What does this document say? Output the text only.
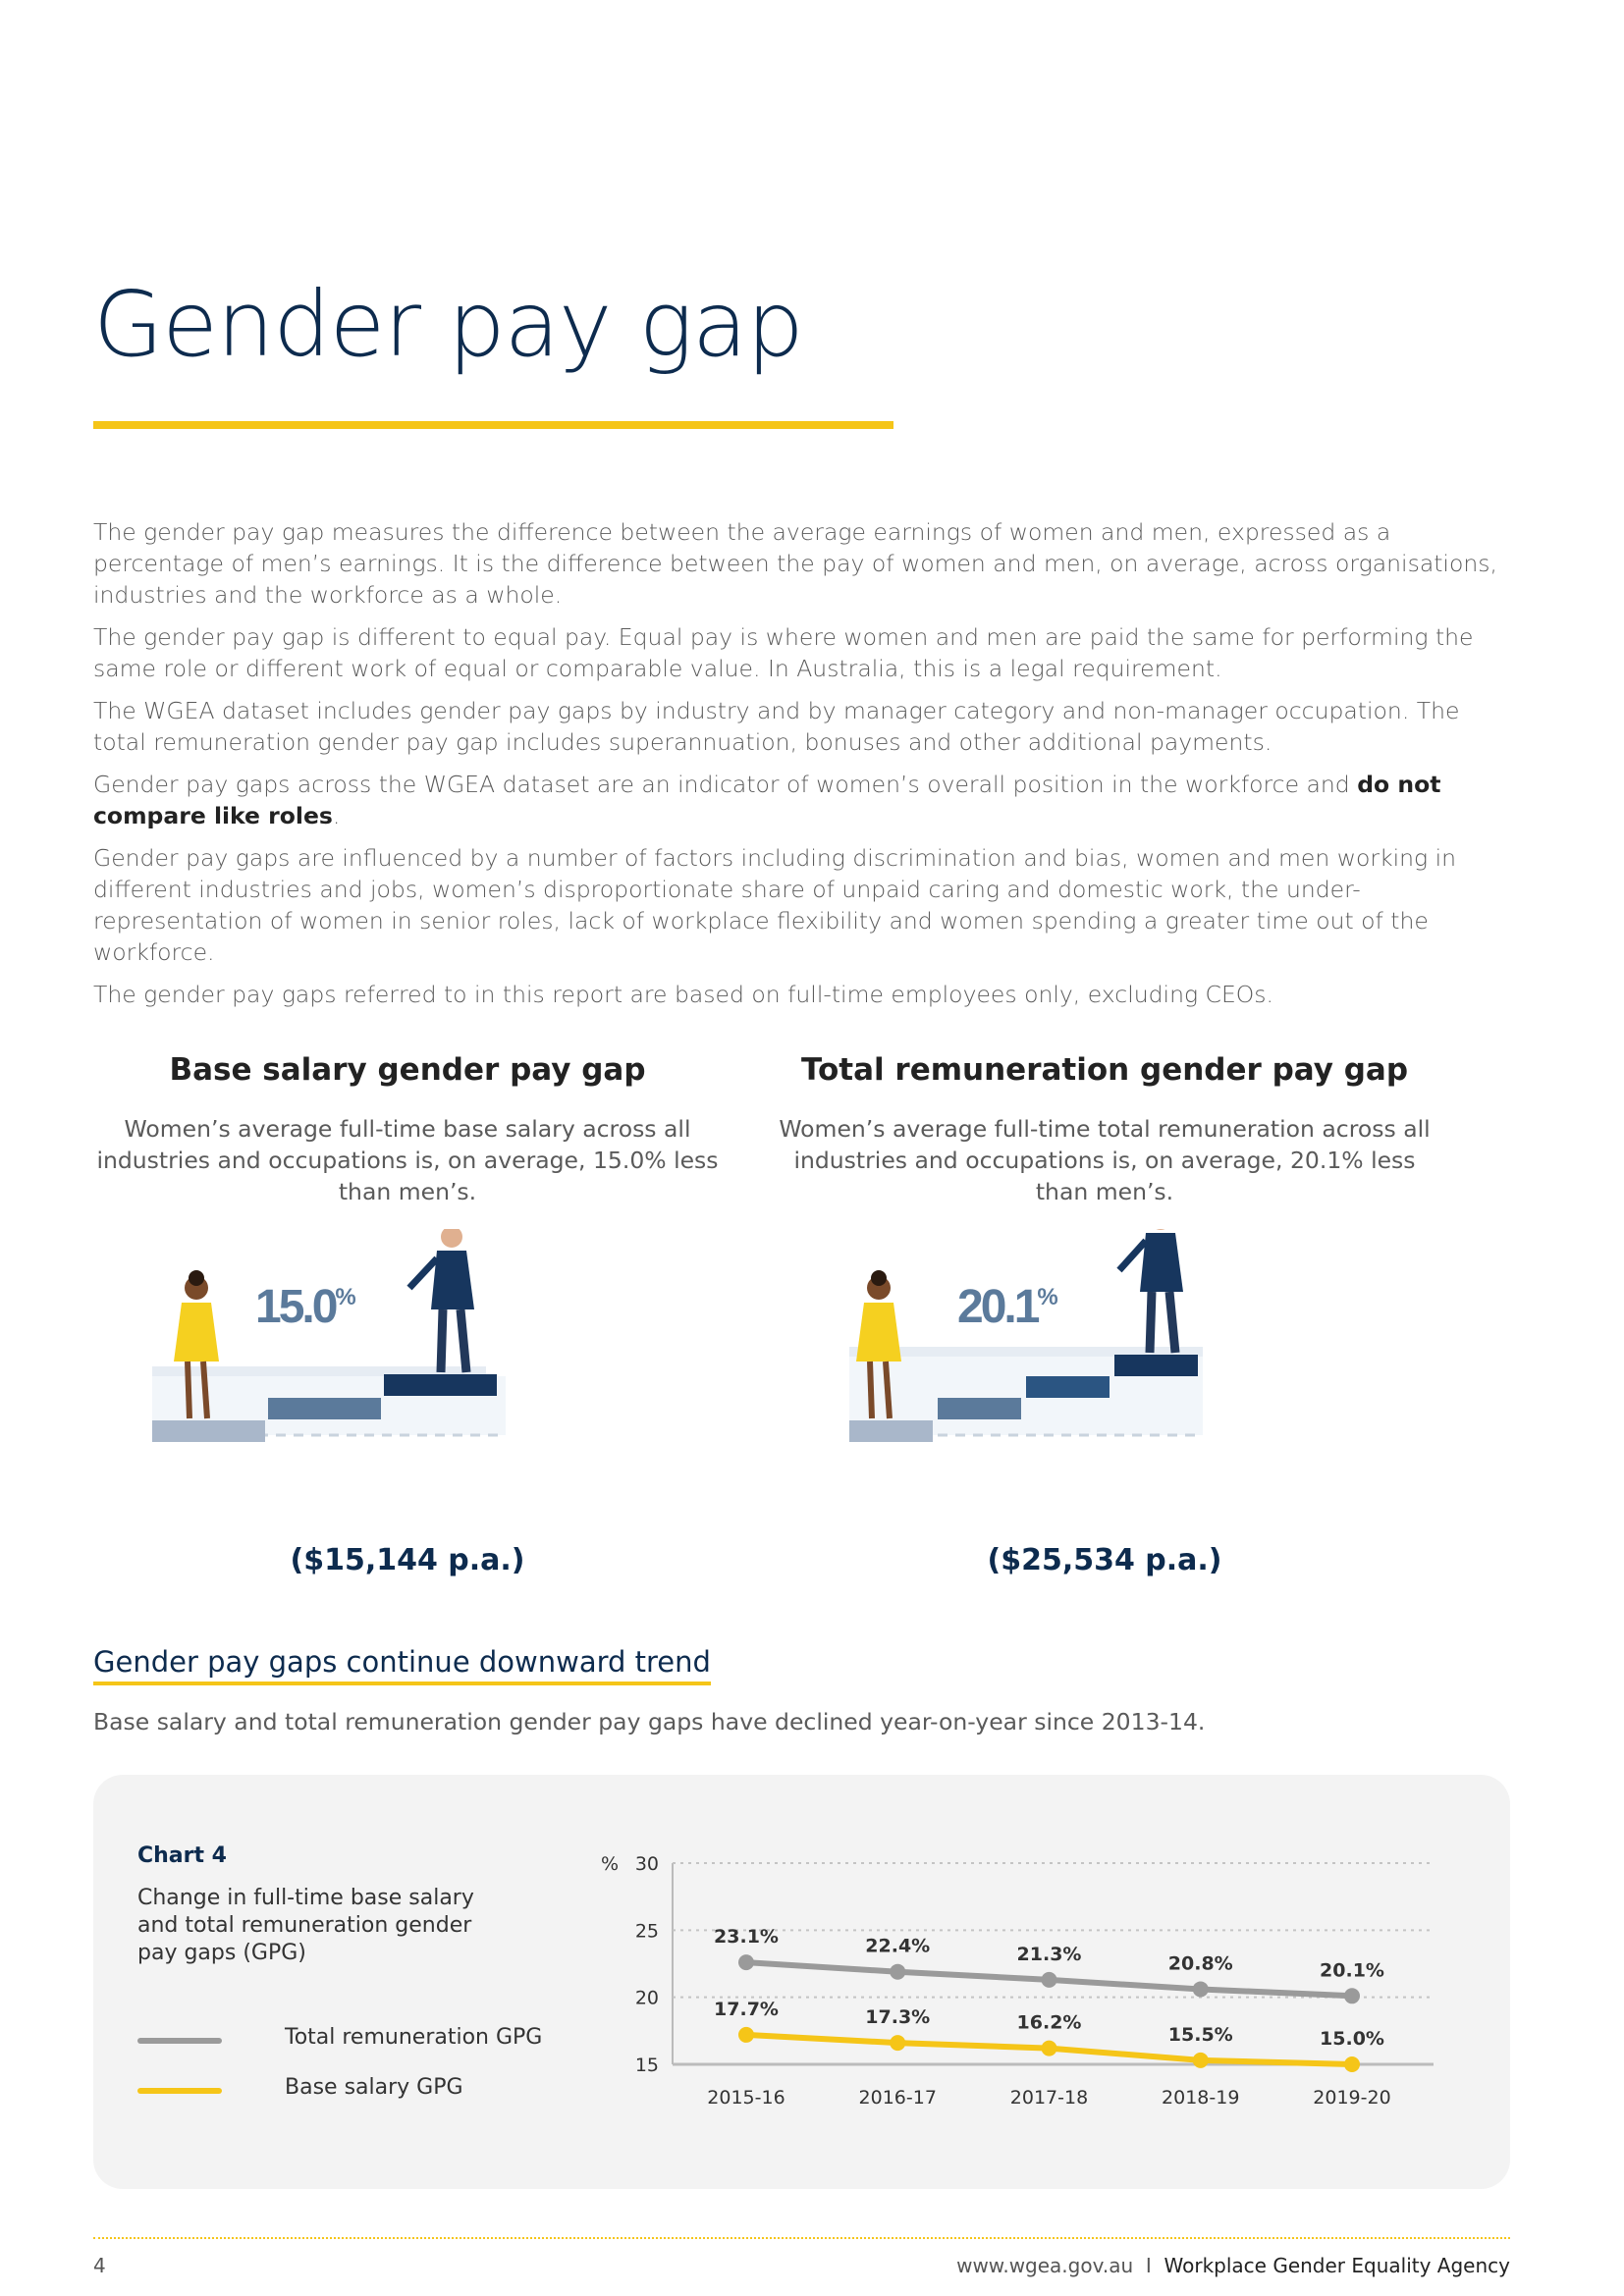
Gender pay gap

The gender pay gap measures the difference between the average earnings of women and men, expressed as a percentage of men’s earnings. It is the difference between the pay of women and men, on average, across organisations, industries and the workforce as a whole.

The gender pay gap is different to equal pay. Equal pay is where women and men are paid the same for performing the same role or different work of equal or comparable value. In Australia, this is a legal requirement.

The WGEA dataset includes gender pay gaps by industry and by manager category and non-manager occupation. The total remuneration gender pay gap includes superannuation, bonuses and other additional payments.

Gender pay gaps across the WGEA dataset are an indicator of women’s overall position in the workforce and do not compare like roles.

Gender pay gaps are influenced by a number of factors including discrimination and bias, women and men working in different industries and jobs, women’s disproportionate share of unpaid caring and domestic work, the under-representation of women in senior roles, lack of workplace flexibility and women spending a greater time out of the workforce.

The gender pay gaps referred to in this report are based on full-time employees only, excluding CEOs.

Base salary gender pay gap

Women’s average full-time base salary across all industries and occupations is, on average, 15.0% less than men’s.

15.0%
($15,144 p.a.)
Total remuneration gender pay gap

Women’s average full-time total remuneration across all industries and occupations is, on average, 20.1% less than men’s.

20.1%
($25,534 p.a.)
Gender pay gaps continue downward trend

Base salary and total remuneration gender pay gaps have declined year-on-year since 2013-14.

Chart 4
Change in full-time base salary and total remuneration gender pay gaps (GPG)
Total remuneration GPG
Base salary GPG
15
20
25
30
%
2015-16	2016-17	2017-18	2018-19	2019-20
23.1%	22.4%	21.3%	20.8%	20.1%
17.7%	17.3%	16.2%
15.5%	15.0%
4	www.wgea.gov.au I Workplace Gender Equality Agency
